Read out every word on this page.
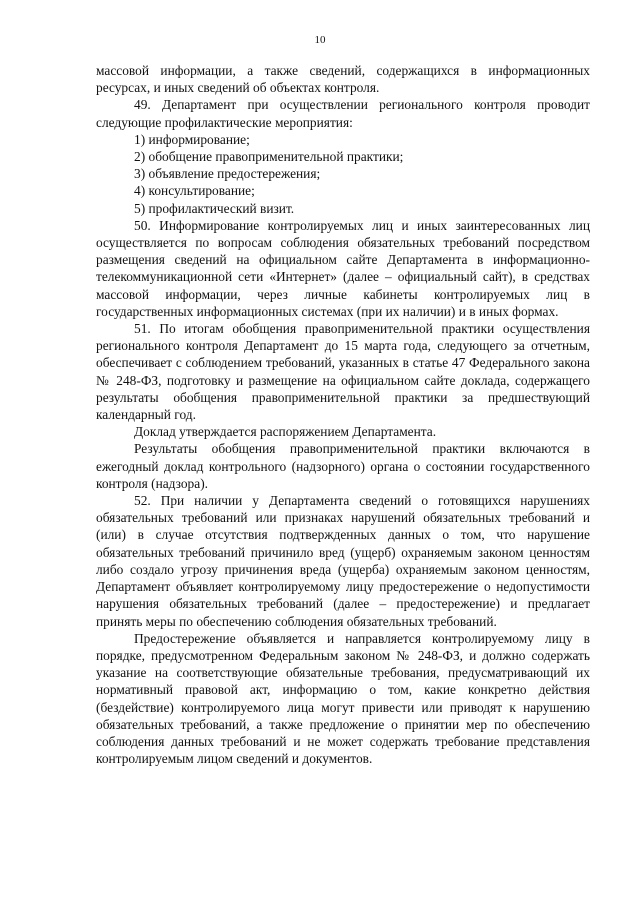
10

массовой информации, а также сведений, содержащихся в информационных ресурсах, и иных сведений об объектах контроля.

49. Департамент при осуществлении регионального контроля проводит следующие профилактические мероприятия:

1) информирование;

2) обобщение правоприменительной практики;

3) объявление предостережения;

4) консультирование;

5) профилактический визит.

50. Информирование контролируемых лиц и иных заинтересованных лиц осуществляется по вопросам соблюдения обязательных требований посредством размещения сведений на официальном сайте Департамента в информационно-телекоммуникационной сети «Интернет» (далее – официальный сайт), в средствах массовой информации, через личные кабинеты контролируемых лиц в государственных информационных системах (при их наличии) и в иных формах.

51. По итогам обобщения правоприменительной практики осуществления регионального контроля Департамент до 15 марта года, следующего за отчетным, обеспечивает с соблюдением требований, указанных в статье 47 Федерального закона № 248-ФЗ, подготовку и размещение на официальном сайте доклада, содержащего результаты обобщения правоприменительной практики за предшествующий календарный год.

Доклад утверждается распоряжением Департамента.

Результаты обобщения правоприменительной практики включаются в ежегодный доклад контрольного (надзорного) органа о состоянии государственного контроля (надзора).

52. При наличии у Департамента сведений о готовящихся нарушениях обязательных требований или признаках нарушений обязательных требований и (или) в случае отсутствия подтвержденных данных о том, что нарушение обязательных требований причинило вред (ущерб) охраняемым законом ценностям либо создало угрозу причинения вреда (ущерба) охраняемым законом ценностям, Департамент объявляет контролируемому лицу предостережение о недопустимости нарушения обязательных требований (далее – предостережение) и предлагает принять меры по обеспечению соблюдения обязательных требований.

Предостережение объявляется и направляется контролируемому лицу в порядке, предусмотренном Федеральным законом № 248-ФЗ, и должно содержать указание на соответствующие обязательные требования, предусматривающий их нормативный правовой акт, информацию о том, какие конкретно действия (бездействие) контролируемого лица могут привести или приводят к нарушению обязательных требований, а также предложение о принятии мер по обеспечению соблюдения данных требований и не может содержать требование представления контролируемым лицом сведений и документов.
